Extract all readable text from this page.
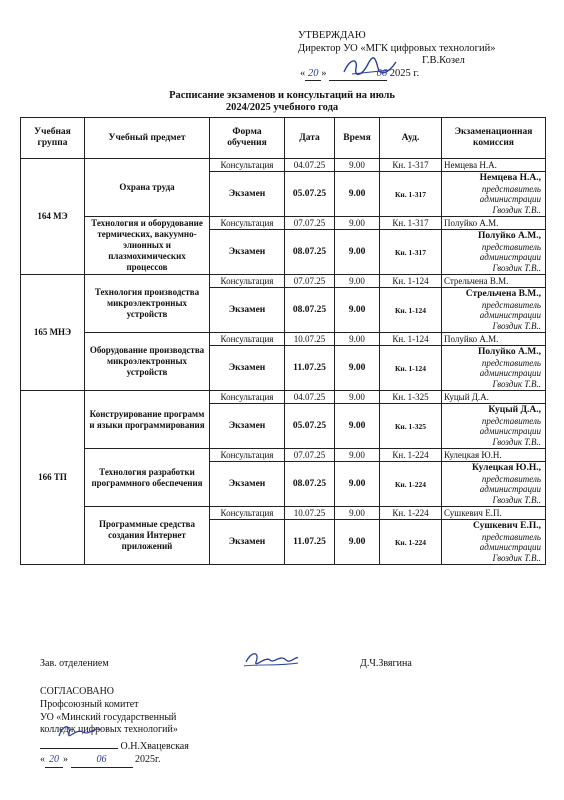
УТВЕРЖДАЮ
Директор УО «МГК цифровых технологий»
Г.В.Козел
« 20 »	06 2025 г.
Расписание экзаменов и консультаций на июль
2024/2025 учебного года
Учебная группа	Учебный предмет	Форма обучения	Дата	Время	Ауд.	Экзаменационная комиссия
164 МЭ	Охрана труда	Консультация	04.07.25	9.00	Кн. 1-317	Немцева Н.А.
		Экзамен	05.07.25	9.00	Кн. 1-317	Немцева Н.А.,
представитель
администрации
Гвоздик Т.В..

	Технология и оборудование термических, вакуумно-элионных и плазмохимических процессов	Консультация	07.07.25	9.00	Кн. 1-317	Полуйко А.М.
		Экзамен	08.07.25	9.00	Кн. 1-317	Полуйко А.М.,
представитель
администрации
Гвоздик Т.В..

165 МНЭ	Технология производства микроэлектронных устройств	Консультация	07.07.25	9.00	Кн. 1-124	Стрельчена В.М.
		Экзамен	08.07.25	9.00	Кн. 1-124	Стрельчена В.М.,
представитель
администрации
Гвоздик Т.В..

	Оборудование производства микроэлектронных устройств	Консультация	10.07.25	9.00	Кн. 1-124	Полуйко А.М.
		Экзамен	11.07.25	9.00	Кн. 1-124	Полуйко А.М.,
представитель
администрации
Гвоздик Т.В..

166 ТП	Конструирование программ и языки программирования	Консультация	04.07.25	9.00	Кн. 1-325	Куцый Д.А.
		Экзамен	05.07.25	9.00	Кн. 1-325	Куцый Д.А.,
представитель
администрации
Гвоздик Т.В..

	Технология разработки программного обеспечения	Консультация	07.07.25	9.00	Кн. 1-224	Кулецкая Ю.Н.
		Экзамен	08.07.25	9.00	Кн. 1-224	Кулецкая Ю.Н.,
представитель
администрации
Гвоздик Т.В..

	Программные средства создания Интернет приложений	Консультация	10.07.25	9.00	Кн. 1-224	Сушкевич Е.П.
		Экзамен	11.07.25	9.00	Кн. 1-224	Сушкевич Е.П.,
представитель
администрации
Гвоздик Т.В..
Зав. отделением	Д.Ч.Звягина
СОГЛАСОВАНО
Профсоюзный комитет
УО «Минский государственный
колледж цифровых технологий»
О.Н.Хвацевская
« 20 »	06	2025г.
